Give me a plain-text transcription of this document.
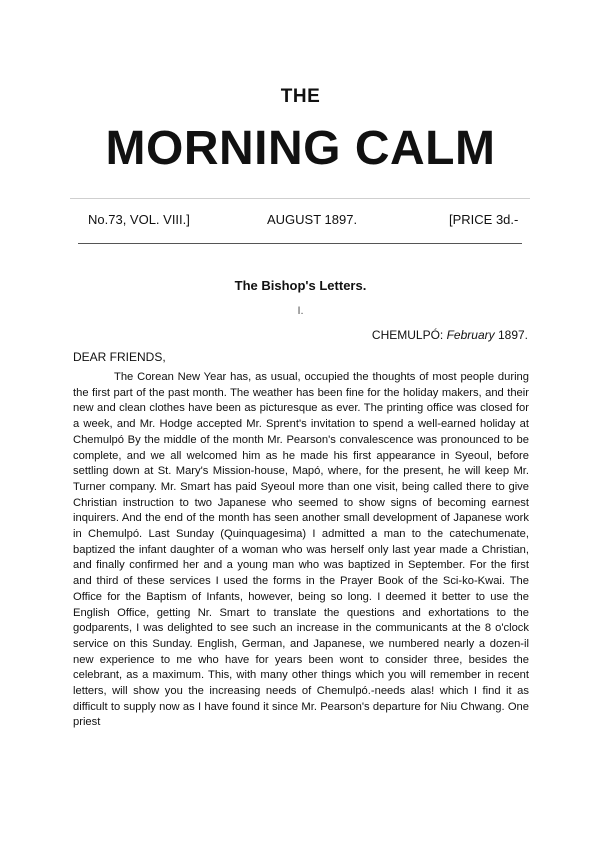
THE
MORNING CALM
No.73, VOL. VIII.]	AUGUST 1897.	[PRICE 3d.-
The Bishop's Letters.
I.
CHEMULPÓ: February 1897.
DEAR FRIENDS,

The Corean New Year has, as usual, occupied the thoughts of most people during the first part of the past month. The weather has been fine for the holiday makers, and their new and clean clothes have been as picturesque as ever. The printing office was closed for a week, and Mr. Hodge accepted Mr. Sprent's invitation to spend a well-earned holiday at Chemulpó By the middle of the month Mr. Pearson's convalescence was pronounced to be complete, and we all welcomed him as he made his first appearance in Syeoul, before settling down at St. Mary's Mission-house, Mapó, where, for the present, he will keep Mr. Turner company. Mr. Smart has paid Syeoul more than one visit, being called there to give Christian instruction to two Japanese who seemed to show signs of becoming earnest inquirers. And the end of the month has seen another small development of Japanese work in Chemulpó. Last Sunday (Quinquagesima) I admitted a man to the catechumenate, baptized the infant daughter of a woman who was herself only last year made a Christian, and finally confirmed her and a young man who was baptized in September. For the first and third of these services I used the forms in the Prayer Book of the Sci-ko-Kwai. The Office for the Baptism of Infants, however, being so long. I deemed it better to use the English Office, getting Nr. Smart to translate the questions and exhortations to the godparents, I was delighted to see such an increase in the communicants at the 8 o'clock service on this Sunday. English, German, and Japanese, we numbered nearly a dozen-il new experience to me who have for years been wont to consider three, besides the celebrant, as a maximum. This, with many other things which you will remember in recent letters, will show you the increasing needs of Chemulpó.-needs alas! which I find it as difficult to supply now as I have found it since Mr. Pearson's departure for Niu Chwang. One priest
